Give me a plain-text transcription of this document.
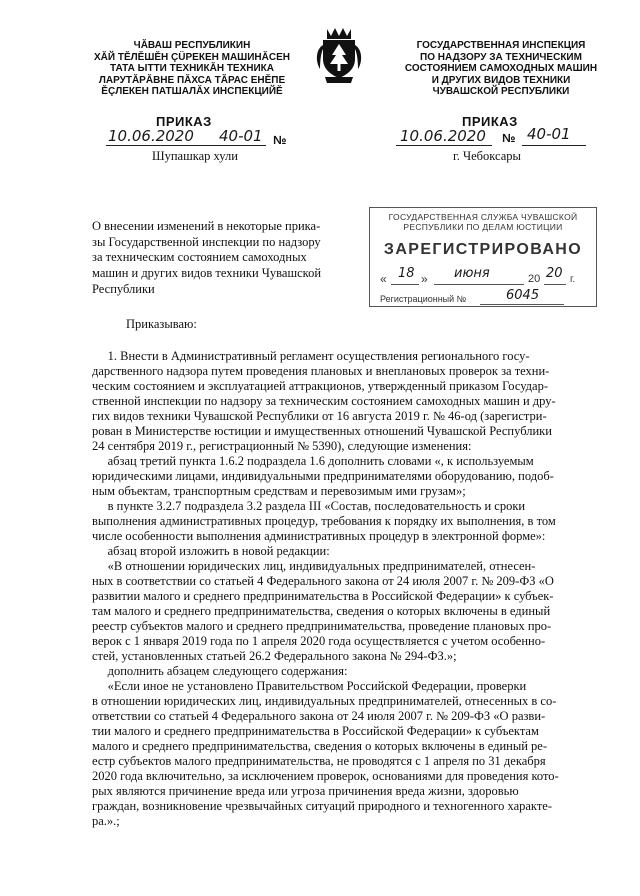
ЧĂВАШ РЕСПУБЛИКИН
ХĂЙ ТĔЛĔШĔН ÇÜРЕКЕН МАШИНĂСЕН
ТАТА ЫТТИ ТЕХНИКĂН ТЕХНИКА
ЛАРУТĂРĂВНЕ ПĂХСА ТĂРАС ЕНĔПЕ
ĔÇЛЕКЕН ПАТШАЛĂХ ИНСПЕКЦИЙĔ
ГОСУДАРСТВЕННАЯ ИНСПЕКЦИЯ
ПО НАДЗОРУ ЗА ТЕХНИЧЕСКИМ
СОСТОЯНИЕМ САМОХОДНЫХ МАШИН
И ДРУГИХ ВИДОВ ТЕХНИКИ
ЧУВАШСКОЙ РЕСПУБЛИКИ
ПРИКАЗ
10.06.2020 40-01 №
Шупашкар хули
ПРИКАЗ
10.06.2020 № 40-01
г. Чебоксары
О внесении изменений в некоторые прика-
зы Государственной инспекции по надзору
за техническим состоянием самоходных
машин и других видов техники Чувашской
Республики
ГОСУДАРСТВЕННАЯ СЛУЖБА ЧУВАШСКОЙ
РЕСПУБЛИКИ ПО ДЕЛАМ ЮСТИЦИИ
ЗАРЕГИСТРИРОВАНО
« 18 » июня	20 20 г.
Регистрационный №	6045
Приказываю:
1. Внести в Административный регламент осуществления регионального госу-
дарственного надзора путем проведения плановых и внеплановых проверок за техни-
ческим состоянием и эксплуатацией аттракционов, утвержденный приказом Государ-
ственной инспекции по надзору за техническим состоянием самоходных машин и дру-
гих видов техники Чувашской Республики от 16 августа 2019 г. № 46-од (зарегистри-
рован в Министерстве юстиции и имущественных отношений Чувашской Республики
24 сентября 2019 г., регистрационный № 5390), следующие изменения:
абзац третий пункта 1.6.2 подраздела 1.6 дополнить словами «, к используемым
юридическими лицами, индивидуальными предпринимателями оборудованию, подоб-
ным объектам, транспортным средствам и перевозимым ими грузам»;
в пункте 3.2.7 подраздела 3.2 раздела III «Состав, последовательность и сроки
выполнения административных процедур, требования к порядку их выполнения, в том
числе особенности выполнения административных процедур в электронной форме»:
абзац второй изложить в новой редакции:
«В отношении юридических лиц, индивидуальных предпринимателей, отнесен-
ных в соответствии со статьей 4 Федерального закона от 24 июля 2007 г. № 209-ФЗ «О
развитии малого и среднего предпринимательства в Российской Федерации» к субъек-
там малого и среднего предпринимательства, сведения о которых включены в единый
реестр субъектов малого и среднего предпринимательства, проведение плановых про-
верок с 1 января 2019 года по 1 апреля 2020 года осуществляется с учетом особенно-
стей, установленных статьей 26.2 Федерального закона № 294-ФЗ.»;
дополнить абзацем следующего содержания:
«Если иное не установлено Правительством Российской Федерации, проверки
в отношении юридических лиц, индивидуальных предпринимателей, отнесенных в со-
ответствии со статьей 4 Федерального закона от 24 июля 2007 г. № 209-ФЗ «О разви-
тии малого и среднего предпринимательства в Российской Федерации» к субъектам
малого и среднего предпринимательства, сведения о которых включены в единый ре-
естр субъектов малого предпринимательства, не проводятся с 1 апреля по 31 декабря
2020 года включительно, за исключением проверок, основаниями для проведения кото-
рых являются причинение вреда или угроза причинения вреда жизни, здоровью
граждан, возникновение чрезвычайных ситуаций природного и техногенного характе-
ра.».;
